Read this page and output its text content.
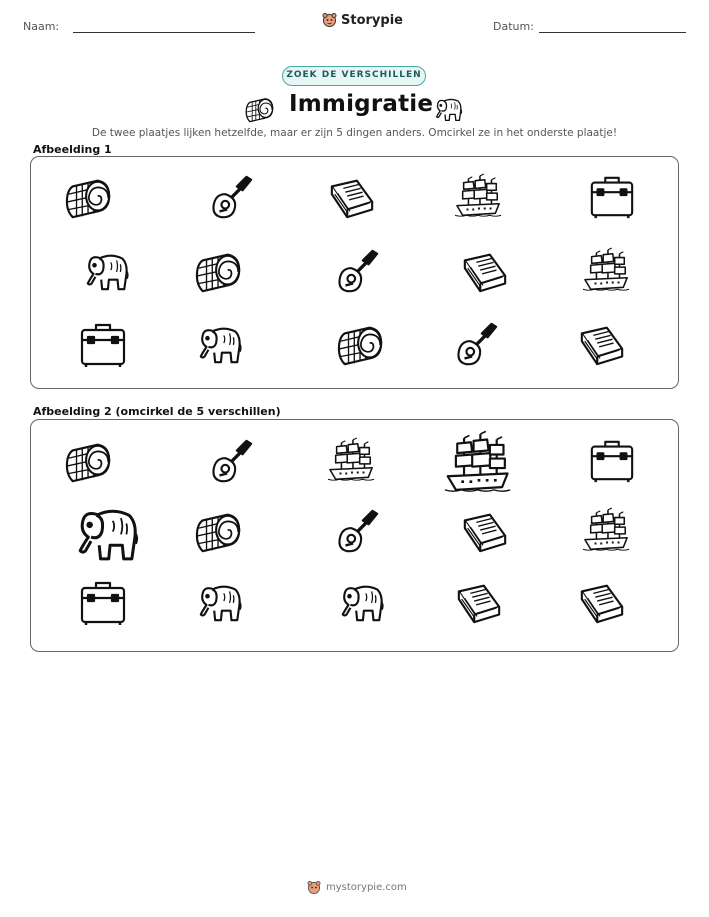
Naam:	Storypie	Datum:
ZOEK DE VERSCHILLEN
Immigratie
De twee plaatjes lijken hetzelfde, maar er zijn 5 dingen anders. Omcirkel ze in het onderste plaatje!
Afbeelding 1
Afbeelding 2 (omcirkel de 5 verschillen)
mystorypie.com
